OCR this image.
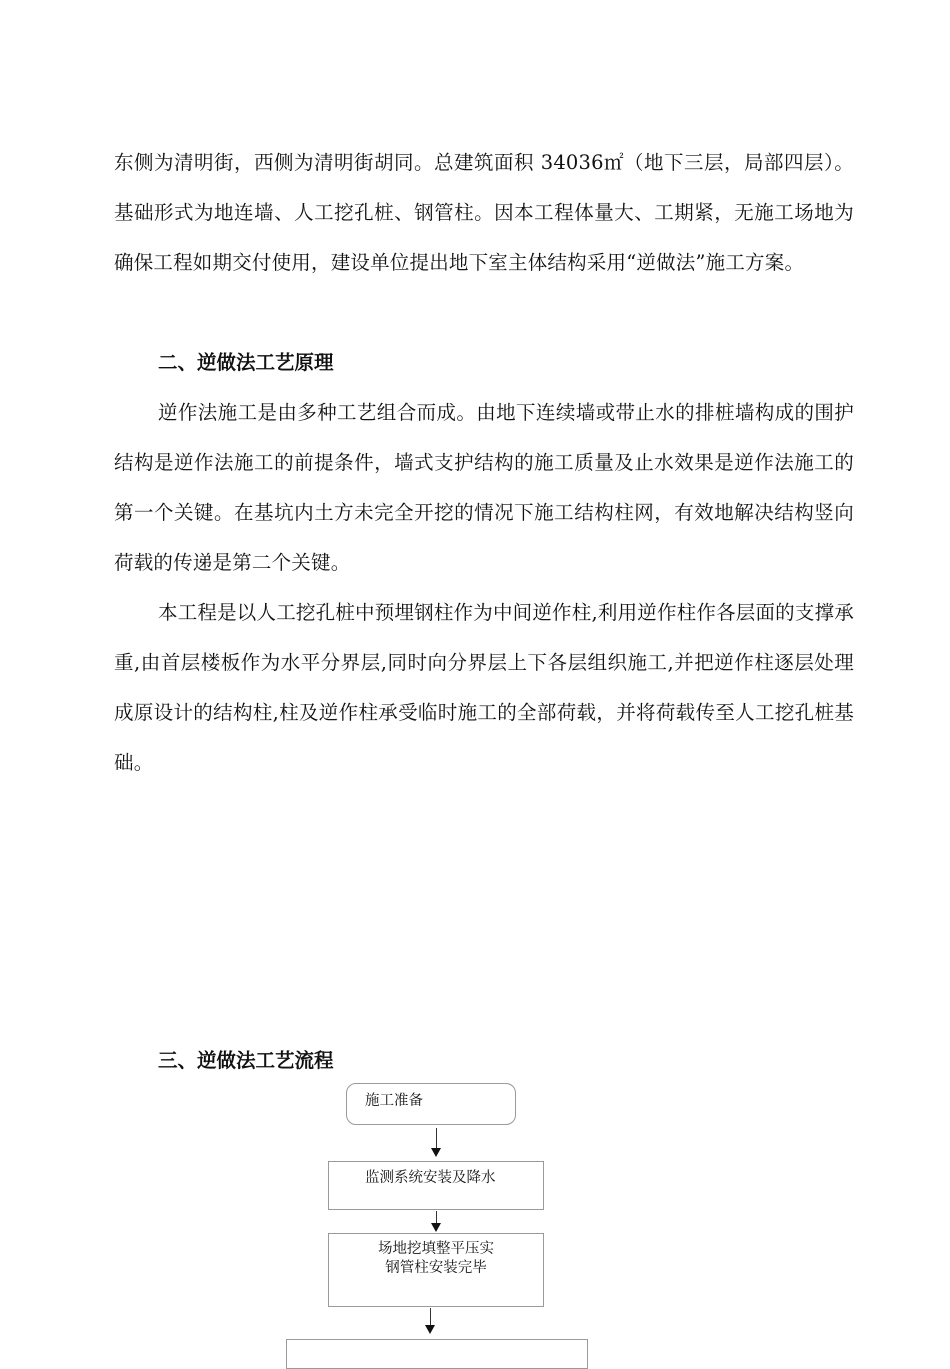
东侧为清明街，西侧为清明街胡同。总建筑面积 34036㎡（地下三层，局部四层）。基础形式为地连墙、人工挖孔桩、钢管柱。因本工程体量大、工期紧，无施工场地为确保工程如期交付使用，建设单位提出地下室主体结构采用“逆做法”施工方案。

二、逆做法工艺原理

逆作法施工是由多种工艺组合而成。由地下连续墙或带止水的排桩墙构成的围护结构是逆作法施工的前提条件，墙式支护结构的施工质量及止水效果是逆作法施工的第一个关键。在基坑内土方未完全开挖的情况下施工结构柱网，有效地解决结构竖向荷载的传递是第二个关键。

本工程是以人工挖孔桩中预埋钢柱作为中间逆作柱,利用逆作柱作各层面的支撑承重,由首层楼板作为水平分界层,同时向分界层上下各层组织施工,并把逆作柱逐层处理成原设计的结构柱,柱及逆作柱承受临时施工的全部荷载，并将荷载传至人工挖孔桩基础。

三、逆做法工艺流程
施工准备
监测系统安装及降水
场地挖填整平压实
钢管柱安装完毕
